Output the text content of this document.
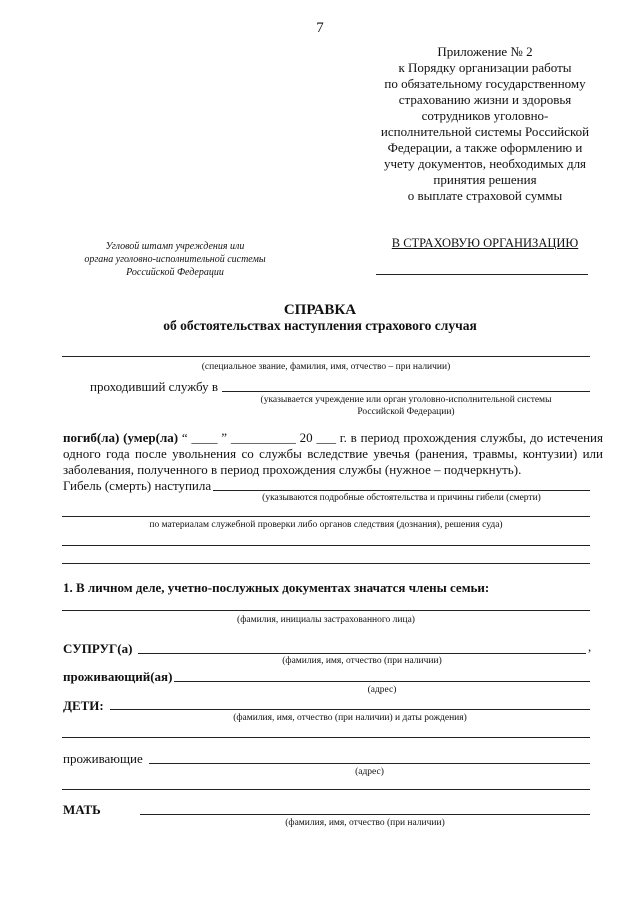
7
Приложение № 2
к Порядку организации работы
по обязательному государственному
страхованию жизни и здоровья
сотрудников уголовно-
исполнительной системы Российской
Федерации, а также оформлению и
учету документов, необходимых для
принятия решения
о выплате страховой суммы
Угловой штамп учреждения или
органа уголовно-исполнительной системы
Российской Федерации
В СТРАХОВУЮ ОРГАНИЗАЦИЮ
СПРАВКА
об обстоятельствах наступления страхового случая
(специальное звание, фамилия, имя, отчество – при наличии)
проходивший службу в
(указывается учреждение или орган уголовно-исполнительной системы
Российской Федерации)
погиб(ла) (умер(ла) “ ____ ” __________ 20 ___ г. в период прохождения службы, до истечения одного года после увольнения со службы вследствие увечья (ранения, травмы, контузии) или заболевания, полученного в период прохождения службы (нужное – подчеркнуть).
Гибель (смерть) наступила
(указываются подробные обстоятельства и причины гибели (смерти)
по материалам служебной проверки либо органов следствия (дознания), решения суда)
1. В личном деле, учетно-послужных документах значатся члены семьи:
(фамилия, инициалы застрахованного лица)
СУПРУГ(а)	,
(фамилия, имя, отчество (при наличии)
проживающий(ая)
(адрес)
ДЕТИ:
(фамилия, имя, отчество (при наличии) и даты рождения)
проживающие
(адрес)
МАТЬ
(фамилия, имя, отчество (при наличии)
